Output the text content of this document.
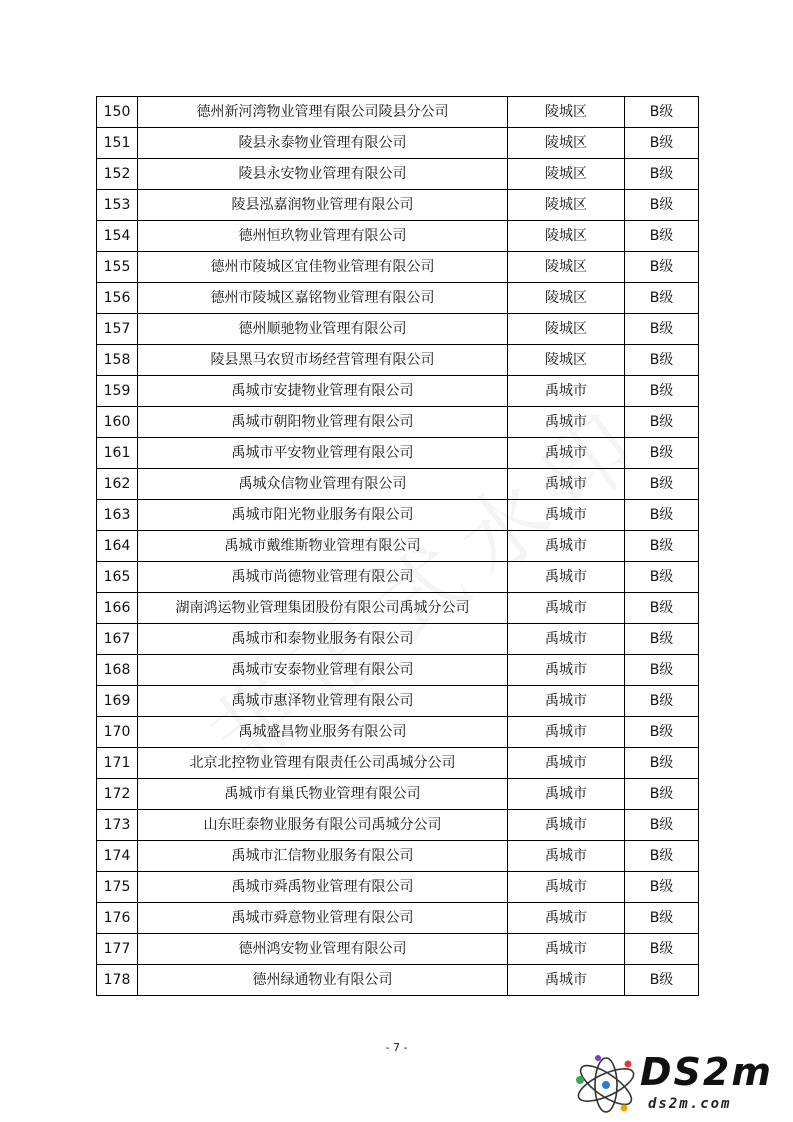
150	德州新河湾物业管理有限公司陵县分公司	陵城区	B级
151	陵县永泰物业管理有限公司	陵城区	B级
152	陵县永安物业管理有限公司	陵城区	B级
153	陵县泓嘉润物业管理有限公司	陵城区	B级
154	德州恒玖物业管理有限公司	陵城区	B级
155	德州市陵城区宜佳物业管理有限公司	陵城区	B级
156	德州市陵城区嘉铭物业管理有限公司	陵城区	B级
157	德州顺驰物业管理有限公司	陵城区	B级
158	陵县黑马农贸市场经营管理有限公司	陵城区	B级
159	禹城市安捷物业管理有限公司	禹城市	B级
160	禹城市朝阳物业管理有限公司	禹城市	B级
161	禹城市平安物业管理有限公司	禹城市	B级
162	禹城众信物业管理有限公司	禹城市	B级
163	禹城市阳光物业服务有限公司	禹城市	B级
164	禹城市戴维斯物业管理有限公司	禹城市	B级
165	禹城市尚德物业管理有限公司	禹城市	B级
166	湖南鸿运物业管理集团股份有限公司禹城分公司	禹城市	B级
167	禹城市和泰物业服务有限公司	禹城市	B级
168	禹城市安泰物业管理有限公司	禹城市	B级
169	禹城市惠泽物业管理有限公司	禹城市	B级
170	禹城盛昌物业服务有限公司	禹城市	B级
171	北京北控物业管理有限责任公司禹城分公司	禹城市	B级
172	禹城市有巢氏物业管理有限公司	禹城市	B级
173	山东旺泰物业服务有限公司禹城分公司	禹城市	B级
174	禹城市汇信物业服务有限公司	禹城市	B级
175	禹城市舜禹物业管理有限公司	禹城市	B级
176	禹城市舜意物业管理有限公司	禹城市	B级
177	德州鸿安物业管理有限公司	禹城市	B级
178	德州绿通物业有限公司	禹城市	B级
- 7 -
DS2m
ds2m.com
